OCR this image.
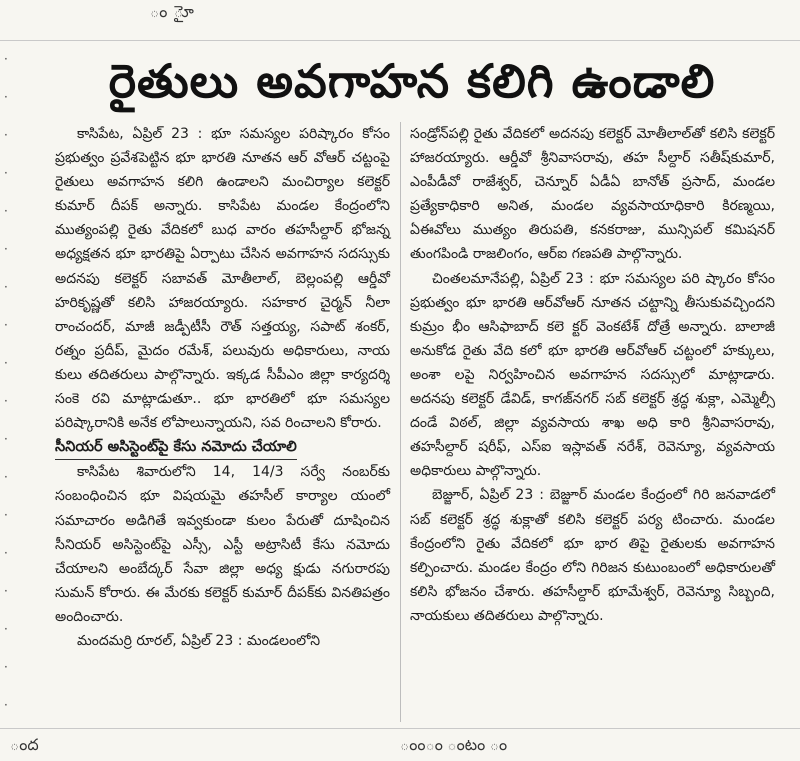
ం ైూ
·
·
·
·
·
·
·
·
·
·
·
·
·
·
·
·
·
·
రైతులు అవగాహన కలిగి ఉండాలి

కాసిపేట, ఏప్రిల్ 23 : భూ సమస్యల పరిష్కారం కోసం ప్రభుత్వం ప్రవేశపెట్టిన భూ భారతి నూతన ఆర్ వోఆర్ చట్టంపై రైతులు అవగాహన కలిగి ఉండాలని మంచిర్యాల కలెక్టర్ కుమార్ దీపక్ అన్నారు. కాసిపేట మండల కేంద్రంలోని ముత్యంపల్లి రైతు వేదికలో బుధ వారం తహసీల్దార్ భోజన్న అధ్యక్షతన భూ భారతిపై ఏర్పాటు చేసిన అవగాహన సదస్సుకు అదనపు కలెక్టర్ సబావత్ మోతీలాల్, బెల్లంపల్లి ఆర్డీవో హరికృష్ణతో కలిసి హాజరయ్యారు. సహకార చైర్మన్ నీలా రాంచందర్, మాజీ జడ్పీటీసీ రౌత్ సత్తయ్య, సపాట్ శంకర్, రత్నం ప్రదీప్, మైదం రమేశ్, పలువురు అధికారులు, నాయ కులు తదితరులు పాల్గొన్నారు. ఇక్కడ సీపీఎం జిల్లా కార్యదర్శి సంకె రవి మాట్లాడుతూ.. భూ భారతిలో భూ సమస్యల పరిష్కారానికి అనేక లోపాలున్నాయని, సవ రించాలని కోరారు.

సీనియర్ అసిస్టెంట్‌పై కేసు నమోదు చేయాలి

కాసిపేట శివారులోని 14, 14/3 సర్వే నంబర్‌కు సంబంధించిన భూ విషయమై తహసీల్ కార్యాల యంలో సమాచారం అడిగితే ఇవ్వకుండా కులం పేరుతో దూషించిన సీనియర్ అసిస్టెంట్‌పై ఎస్సీ, ఎస్టీ అట్రాసిటీ కేసు నమోదు చేయాలని అంబేద్కర్ సేవా జిల్లా అధ్య క్షుడు నగురారపు సుమన్ కోరారు. ఈ మేరకు కలెక్టర్ కుమార్ దీపక్‌కు వినతిపత్రం అందించారు.

మందమర్రి రూరల్, ఏప్రిల్ 23 : మండలంలోని

సండ్రోన్‌పల్లి రైతు వేదికలో అదనపు కలెక్టర్ మోతీలాల్‌తో కలిసి కలెక్టర్ హాజరయ్యారు. ఆర్డీవో శ్రీనివాసరావు, తహ సీల్దార్ సతీష్‌కుమార్, ఎంపీడీవో రాజేశ్వర్, చెన్నూర్ ఏడీఏ బానోత్ ప్రసాద్, మండల ప్రత్యేకాధికారి అనిత, మండల వ్యవసాయాధికారి కిరణ్మయి, ఏఈవోలు ముత్యం తిరుపతి, కనకరాజు, మున్సిపల్ కమిషనర్ తుంగపిండి రాజలింగం, ఆర్ఐ గణపతి పాల్గొన్నారు.

చింతలమానేపల్లి, ఏప్రిల్ 23 : భూ సమస్యల పరి ష్కారం కోసం ప్రభుత్వం భూ భారతి ఆర్‌వోఆర్ నూతన చట్టాన్ని తీసుకువచ్చిందని కుమ్రం భీం ఆసిఫాబాద్ కలె క్టర్ వెంకటేశ్ దోత్రే అన్నారు. బాలాజీ అనుకోడ రైతు వేది కలో భూ భారతి ఆర్‌వోఆర్ చట్టంలో హక్కులు, అంశా లపై నిర్వహించిన అవగాహన సదస్సులో మాట్లాడారు. అదనపు కలెక్టర్ డేవిడ్, కాగజ్‌నగర్ సబ్ కలెక్టర్ శ్రద్ధ శుక్లా, ఎమ్మెల్సీ దండే విఠల్, జిల్లా వ్యవసాయ శాఖ అధి కారి శ్రీనివాసరావు, తహసీల్దార్ షరీఫ్, ఎస్ఐ ఇస్లావత్ నరేశ్, రెవెన్యూ, వ్యవసాయ అధికారులు పాల్గొన్నారు.

బెజ్జూర్, ఏప్రిల్ 23 : బెజ్జూర్ మండల కేంద్రంలో గిరి జనవాడలో సబ్ కలెక్టర్ శ్రద్ధ శుక్లాతో కలిసి కలెక్టర్ పర్య టించారు. మండల కేంద్రంలోని రైతు వేదికలో భూ భార తిపై రైతులకు అవగాహన కల్పించారు. మండల కేంద్రం లోని గిరిజన కుటుంబంలో అధికారులతో కలిసి భోజనం చేశారు. తహసీల్దార్ భూమేశ్వర్, రెవెన్యూ సిబ్బంది, నాయకులు తదితరులు పాల్గొన్నారు.

ంద	ంంం ంటం ం
